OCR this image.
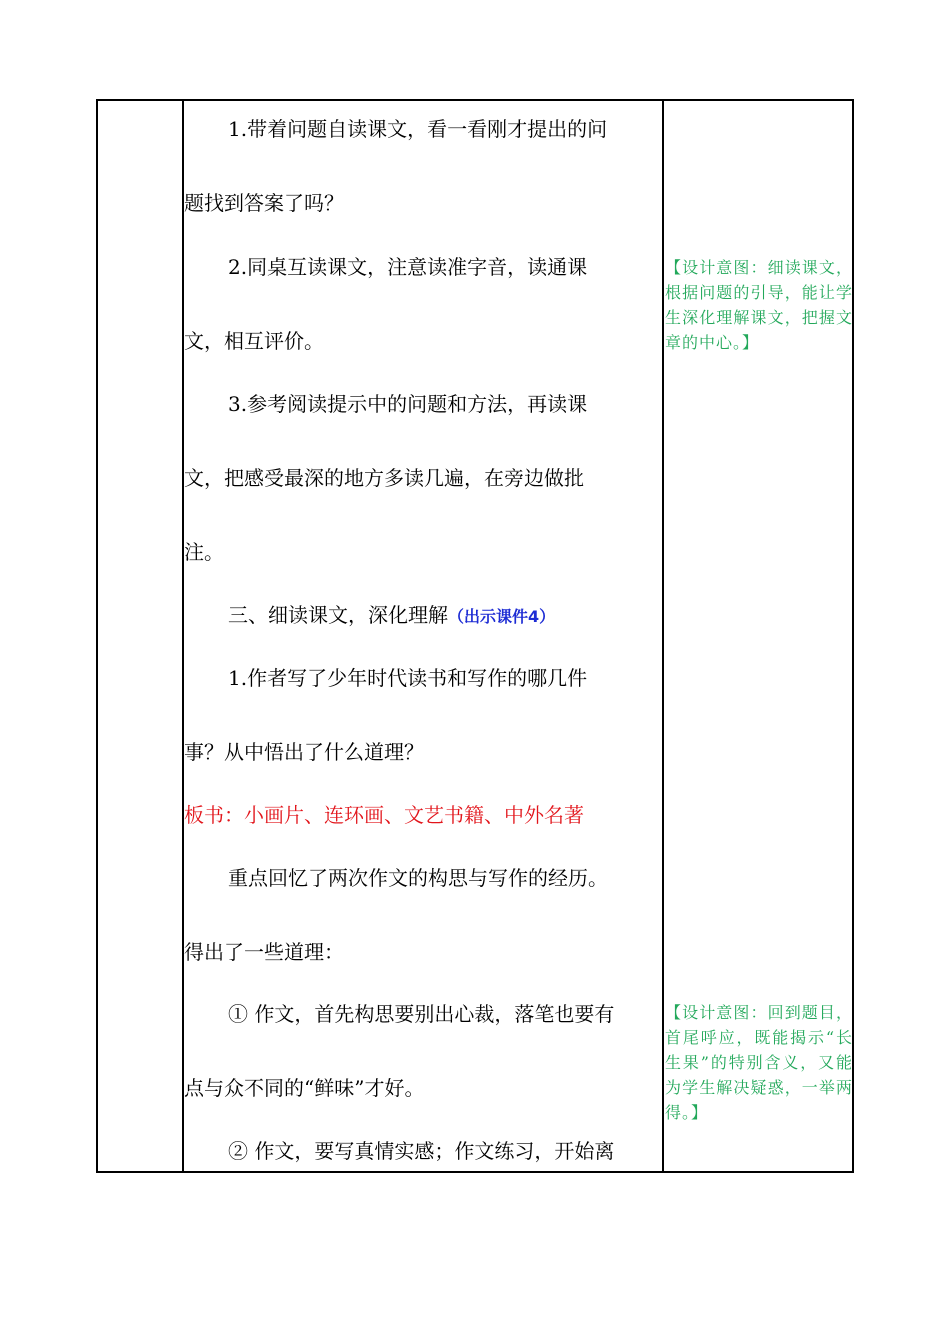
1.带着问题自读课文，看一看刚才提出的问
题找到答案了吗？
2.同桌互读课文，注意读准字音，读通课
文，相互评价。
3.参考阅读提示中的问题和方法，再读课
文，把感受最深的地方多读几遍，在旁边做批
注。
三、细读课文，深化理解（出示课件4）
1.作者写了少年时代读书和写作的哪几件
事？从中悟出了什么道理？
板书：小画片、连环画、文艺书籍、中外名著
重点回忆了两次作文的构思与写作的经历。
得出了一些道理：
① 作文，首先构思要别出心裁，落笔也要有
点与众不同的“鲜味”才好。
② 作文，要写真情实感；作文练习，开始离
【设计意图：细读课文，根据问题的引导，能让学生深化理解课文，把握文章的中心。】
【设计意图：回到题目，首尾呼应，既能揭示“长生果”的特别含义，又能为学生解决疑惑，一举两得。】
